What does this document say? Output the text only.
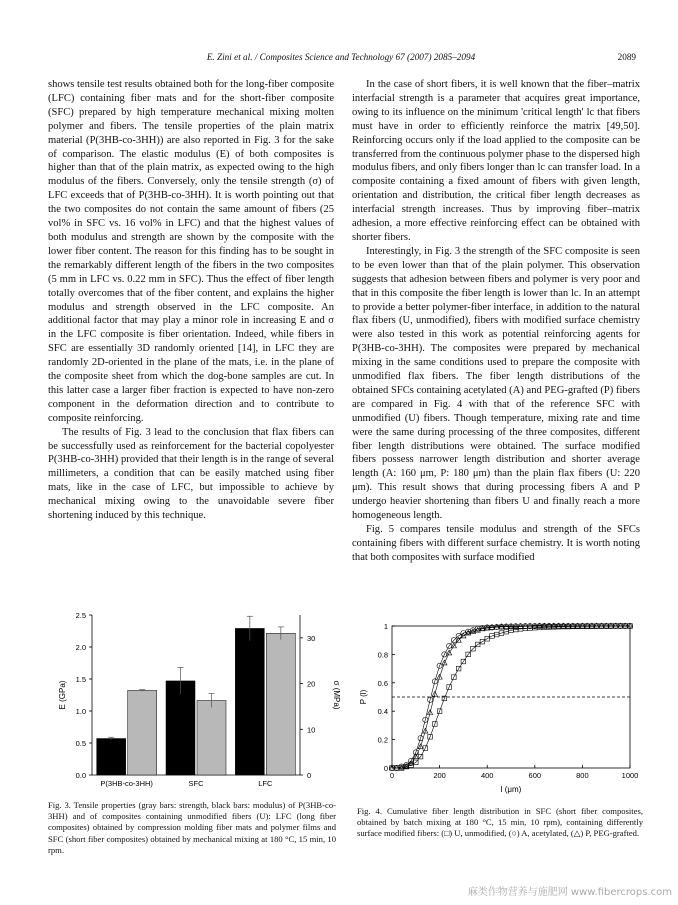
E. Zini et al. / Composites Science and Technology 67 (2007) 2085–2094	2089

shows tensile test results obtained both for the long-fiber composite (LFC) containing fiber mats and for the short-fiber composite (SFC) prepared by high temperature mechanical mixing molten polymer and fibers. The tensile properties of the plain matrix material (P(3HB-co-3HH)) are also reported in Fig. 3 for the sake of comparison. The elastic modulus (E) of both composites is higher than that of the plain matrix, as expected owing to the high modulus of the fibers. Conversely, only the tensile strength (σ) of LFC exceeds that of P(3HB-co-3HH). It is worth pointing out that the two composites do not contain the same amount of fibers (25 vol% in SFC vs. 16 vol% in LFC) and that the highest values of both modulus and strength are shown by the composite with the lower fiber content. The reason for this finding has to be sought in the remarkably different length of the fibers in the two composites (5 mm in LFC vs. 0.22 mm in SFC). Thus the effect of fiber length totally overcomes that of the fiber content, and explains the higher modulus and strength observed in the LFC composite. An additional factor that may play a minor role in increasing E and σ in the LFC composite is fiber orientation. Indeed, while fibers in SFC are essentially 3D randomly oriented [14], in LFC they are randomly 2D-oriented in the plane of the mats, i.e. in the plane of the composite sheet from which the dog-bone samples are cut. In this latter case a larger fiber fraction is expected to have non-zero component in the deformation direction and to contribute to composite reinforcing.

The results of Fig. 3 lead to the conclusion that flax fibers can be successfully used as reinforcement for the bacterial copolyester P(3HB-co-3HH) provided that their length is in the range of several millimeters, a condition that can be easily matched using fiber mats, like in the case of LFC, but impossible to achieve by mechanical mixing owing to the unavoidable severe fiber shortening induced by this technique.

In the case of short fibers, it is well known that the fiber–matrix interfacial strength is a parameter that acquires great importance, owing to its influence on the minimum 'critical length' lc that fibers must have in order to efficiently reinforce the matrix [49,50]. Reinforcing occurs only if the load applied to the composite can be transferred from the continuous polymer phase to the dispersed high modulus fibers, and only fibers longer than lc can transfer load. In a composite containing a fixed amount of fibers with given length, orientation and distribution, the critical fiber length decreases as interfacial strength increases. Thus by improving fiber–matrix adhesion, a more effective reinforcing effect can be obtained with shorter fibers.

Interestingly, in Fig. 3 the strength of the SFC composite is seen to be even lower than that of the plain polymer. This observation suggests that adhesion between fibers and polymer is very poor and that in this composite the fiber length is lower than lc. In an attempt to provide a better polymer-fiber interface, in addition to the natural flax fibers (U, unmodified), fibers with modified surface chemistry were also tested in this work as potential reinforcing agents for P(3HB-co-3HH). The composites were prepared by mechanical mixing in the same conditions used to prepare the composite with unmodified flax fibers. The fiber length distributions of the obtained SFCs containing acetylated (A) and PEG-grafted (P) fibers are compared in Fig. 4 with that of the reference SFC with unmodified (U) fibers. Though temperature, mixing rate and time were the same during processing of the three composites, different fiber length distributions were obtained. The surface modified fibers possess narrower length distribution and shorter average length (A: 160 μm, P: 180 μm) than the plain flax fibers (U: 220 μm). This result shows that during processing fibers A and P undergo heavier shortening than fibers U and finally reach a more homogeneous length.

Fig. 5 compares tensile modulus and strength of the SFCs containing fibers with different surface chemistry. It is worth noting that both composites with surface modified

0.0
0.5
1.0
1.5
2.0
2.5
0
10
20
30
E (GPa)	σ (MPa)
P(3HB-co-3HH)	SFC	LFC
0	200	400	600	800	1000
0
0.2
0.4
0.6
0.8
1
l (μm)
P (l)
Fig. 3. Tensile properties (gray bars: strength, black bars: modulus) of P(3HB-co-3HH) and of composites containing unmodified fibers (U): LFC (long fiber composites) obtained by compression molding fiber mats and polymer films and SFC (short fiber composites) obtained by mechanical mixing at 180 °C, 15 min, 10 rpm.
Fig. 4. Cumulative fiber length distribution in SFC (short fiber composites, obtained by batch mixing at 180 °C, 15 min, 10 rpm), containing differently surface modified fibers: (□) U, unmodified, (○) A, acetylated, (△) P, PEG-grafted.
麻类作物营养与施肥网 www.fibercrops.com
